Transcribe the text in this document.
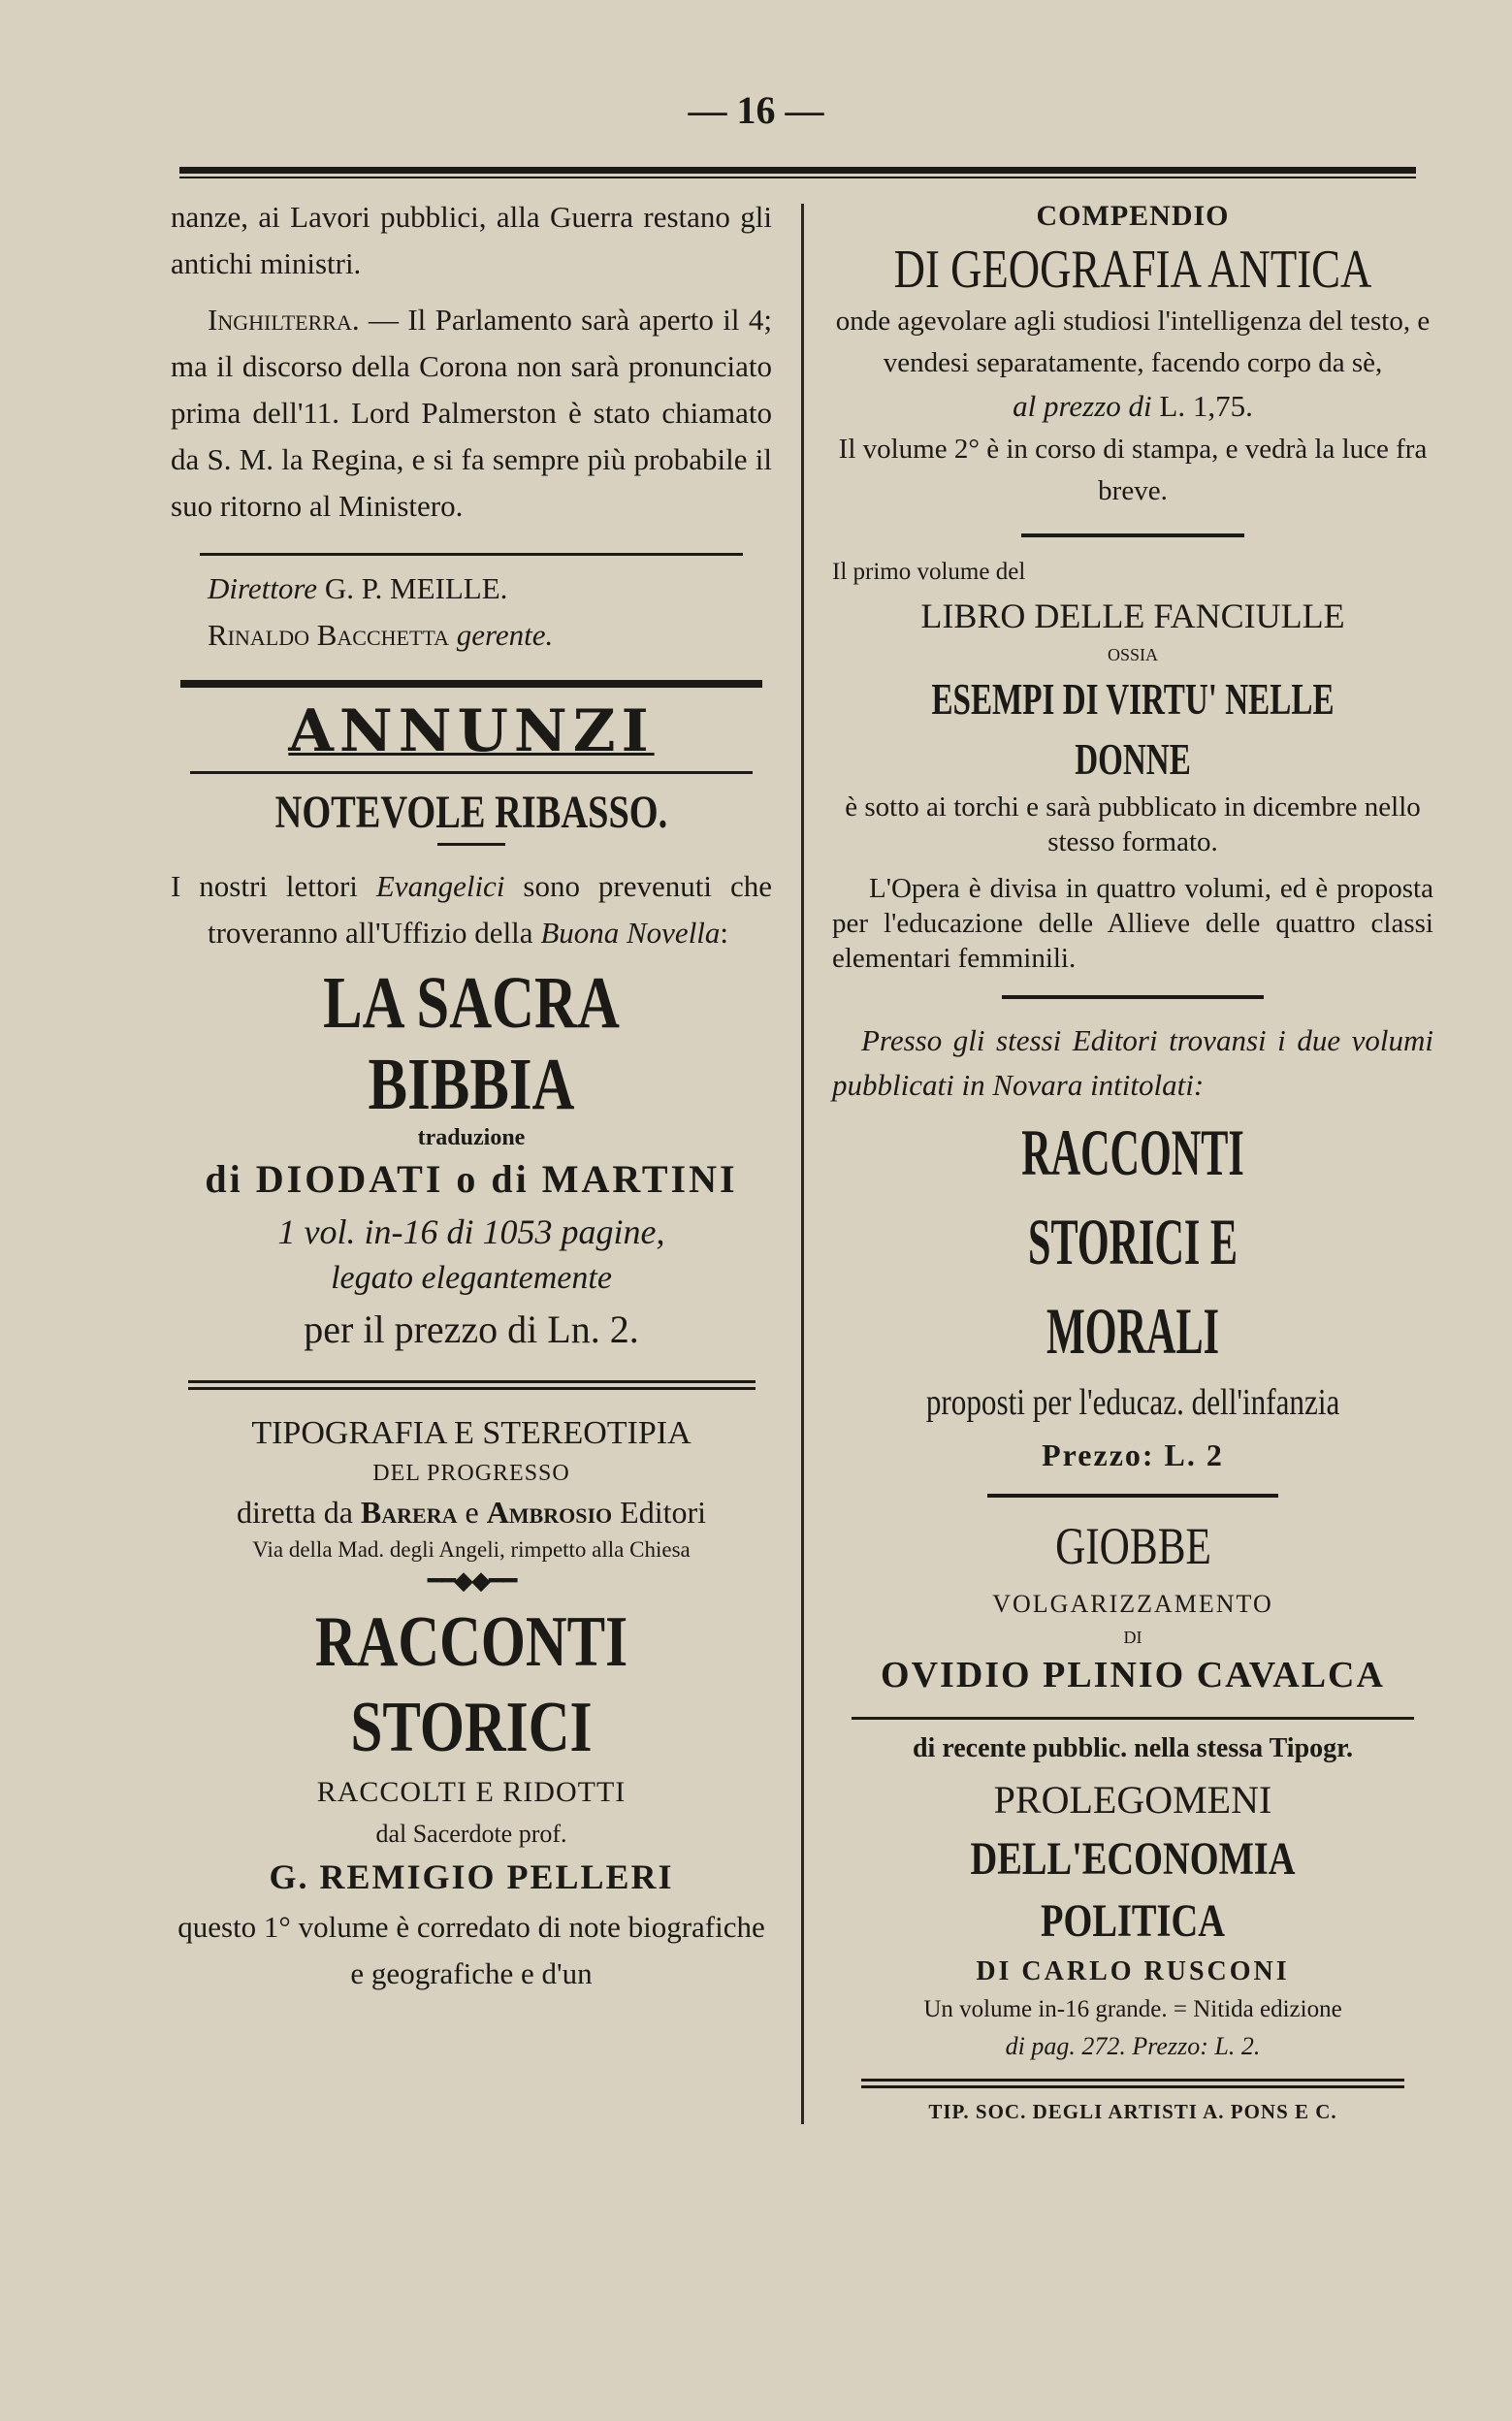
— 16 —

nanze, ai Lavori pubblici, alla Guerra restano gli antichi ministri.

Inghilterra. — Il Parlamento sarà aperto il 4; ma il discorso della Corona non sarà pronunciato prima dell'11. Lord Palmerston è stato chiamato da S. M. la Regina, e si fa sempre più probabile il suo ritorno al Ministero.

Direttore G. P. MEILLE.

Rinaldo Bacchetta gerente.

ANNUNZI

NOTEVOLE RIBASSO.

I nostri lettori Evangelici sono prevenuti che troveranno all'Uffizio della Buona Novella:

LA SACRA BIBBIA

traduzione

di DIODATI o di MARTINI

1 vol. in-16 di 1053 pagine,

legato elegantemente

per il prezzo di Ln. 2.

TIPOGRAFIA E STEREOTIPIA

DEL PROGRESSO

diretta da Barera e Ambrosio Editori

Via della Mad. degli Angeli, rimpetto alla Chiesa

━━◆◆━━

RACCONTI STORICI

RACCOLTI E RIDOTTI

dal Sacerdote prof.

G. REMIGIO PELLERI

questo 1° volume è corredato di note biografiche e geografiche e d'un

COMPENDIO

DI GEOGRAFIA ANTICA

onde agevolare agli studiosi l'intelligenza del testo, e vendesi separatamente, facendo corpo da sè,

al prezzo di L. 1,75.

Il volume 2° è in corso di stampa, e vedrà la luce fra breve.

Il primo volume del

LIBRO DELLE FANCIULLE

OSSIA

ESEMPI DI VIRTU' NELLE DONNE

è sotto ai torchi e sarà pubblicato in dicembre nello stesso formato.

L'Opera è divisa in quattro volumi, ed è proposta per l'educazione delle Allieve delle quattro classi elementari femminili.

Presso gli stessi Editori trovansi i due volumi pubblicati in Novara intitolati:

RACCONTI STORICI E MORALI

proposti per l'educaz. dell'infanzia

Prezzo: L. 2

GIOBBE

VOLGARIZZAMENTO

DI

OVIDIO PLINIO CAVALCA

di recente pubblic. nella stessa Tipogr.

PROLEGOMENI

DELL'ECONOMIA POLITICA

DI CARLO RUSCONI

Un volume in-16 grande. = Nitida edizione

di pag. 272. Prezzo: L. 2.

TIP. SOC. DEGLI ARTISTI A. PONS E C.
